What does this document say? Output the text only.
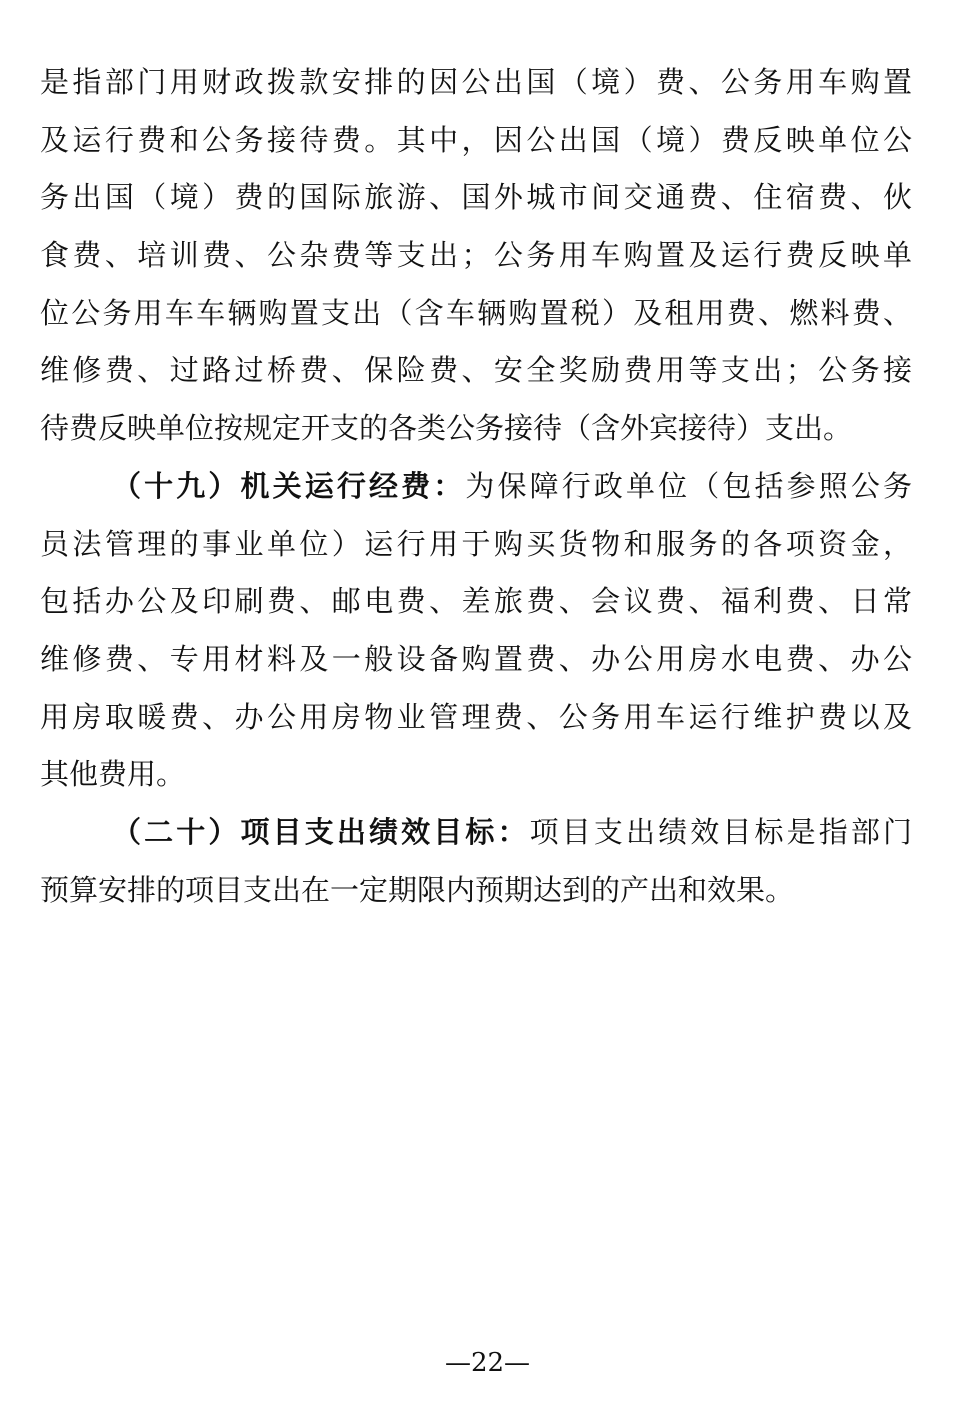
是指部门用财政拨款安排的因公出国（境）费、公务用车购置
及运行费和公务接待费。其中，因公出国（境）费反映单位公
务出国（境）费的国际旅游、国外城市间交通费、住宿费、伙
食费、培训费、公杂费等支出；公务用车购置及运行费反映单
位公务用车车辆购置支出（含车辆购置税）及租用费、燃料费、
维修费、过路过桥费、保险费、安全奖励费用等支出；公务接
待费反映单位按规定开支的各类公务接待（含外宾接待）支出。
（十九）机关运行经费：为保障行政单位（包括参照公务
员法管理的事业单位）运行用于购买货物和服务的各项资金，
包括办公及印刷费、邮电费、差旅费、会议费、福利费、日常
维修费、专用材料及一般设备购置费、办公用房水电费、办公
用房取暖费、办公用房物业管理费、公务用车运行维护费以及
其他费用。
（二十）项目支出绩效目标：项目支出绩效目标是指部门
预算安排的项目支出在一定期限内预期达到的产出和效果。
—22—
